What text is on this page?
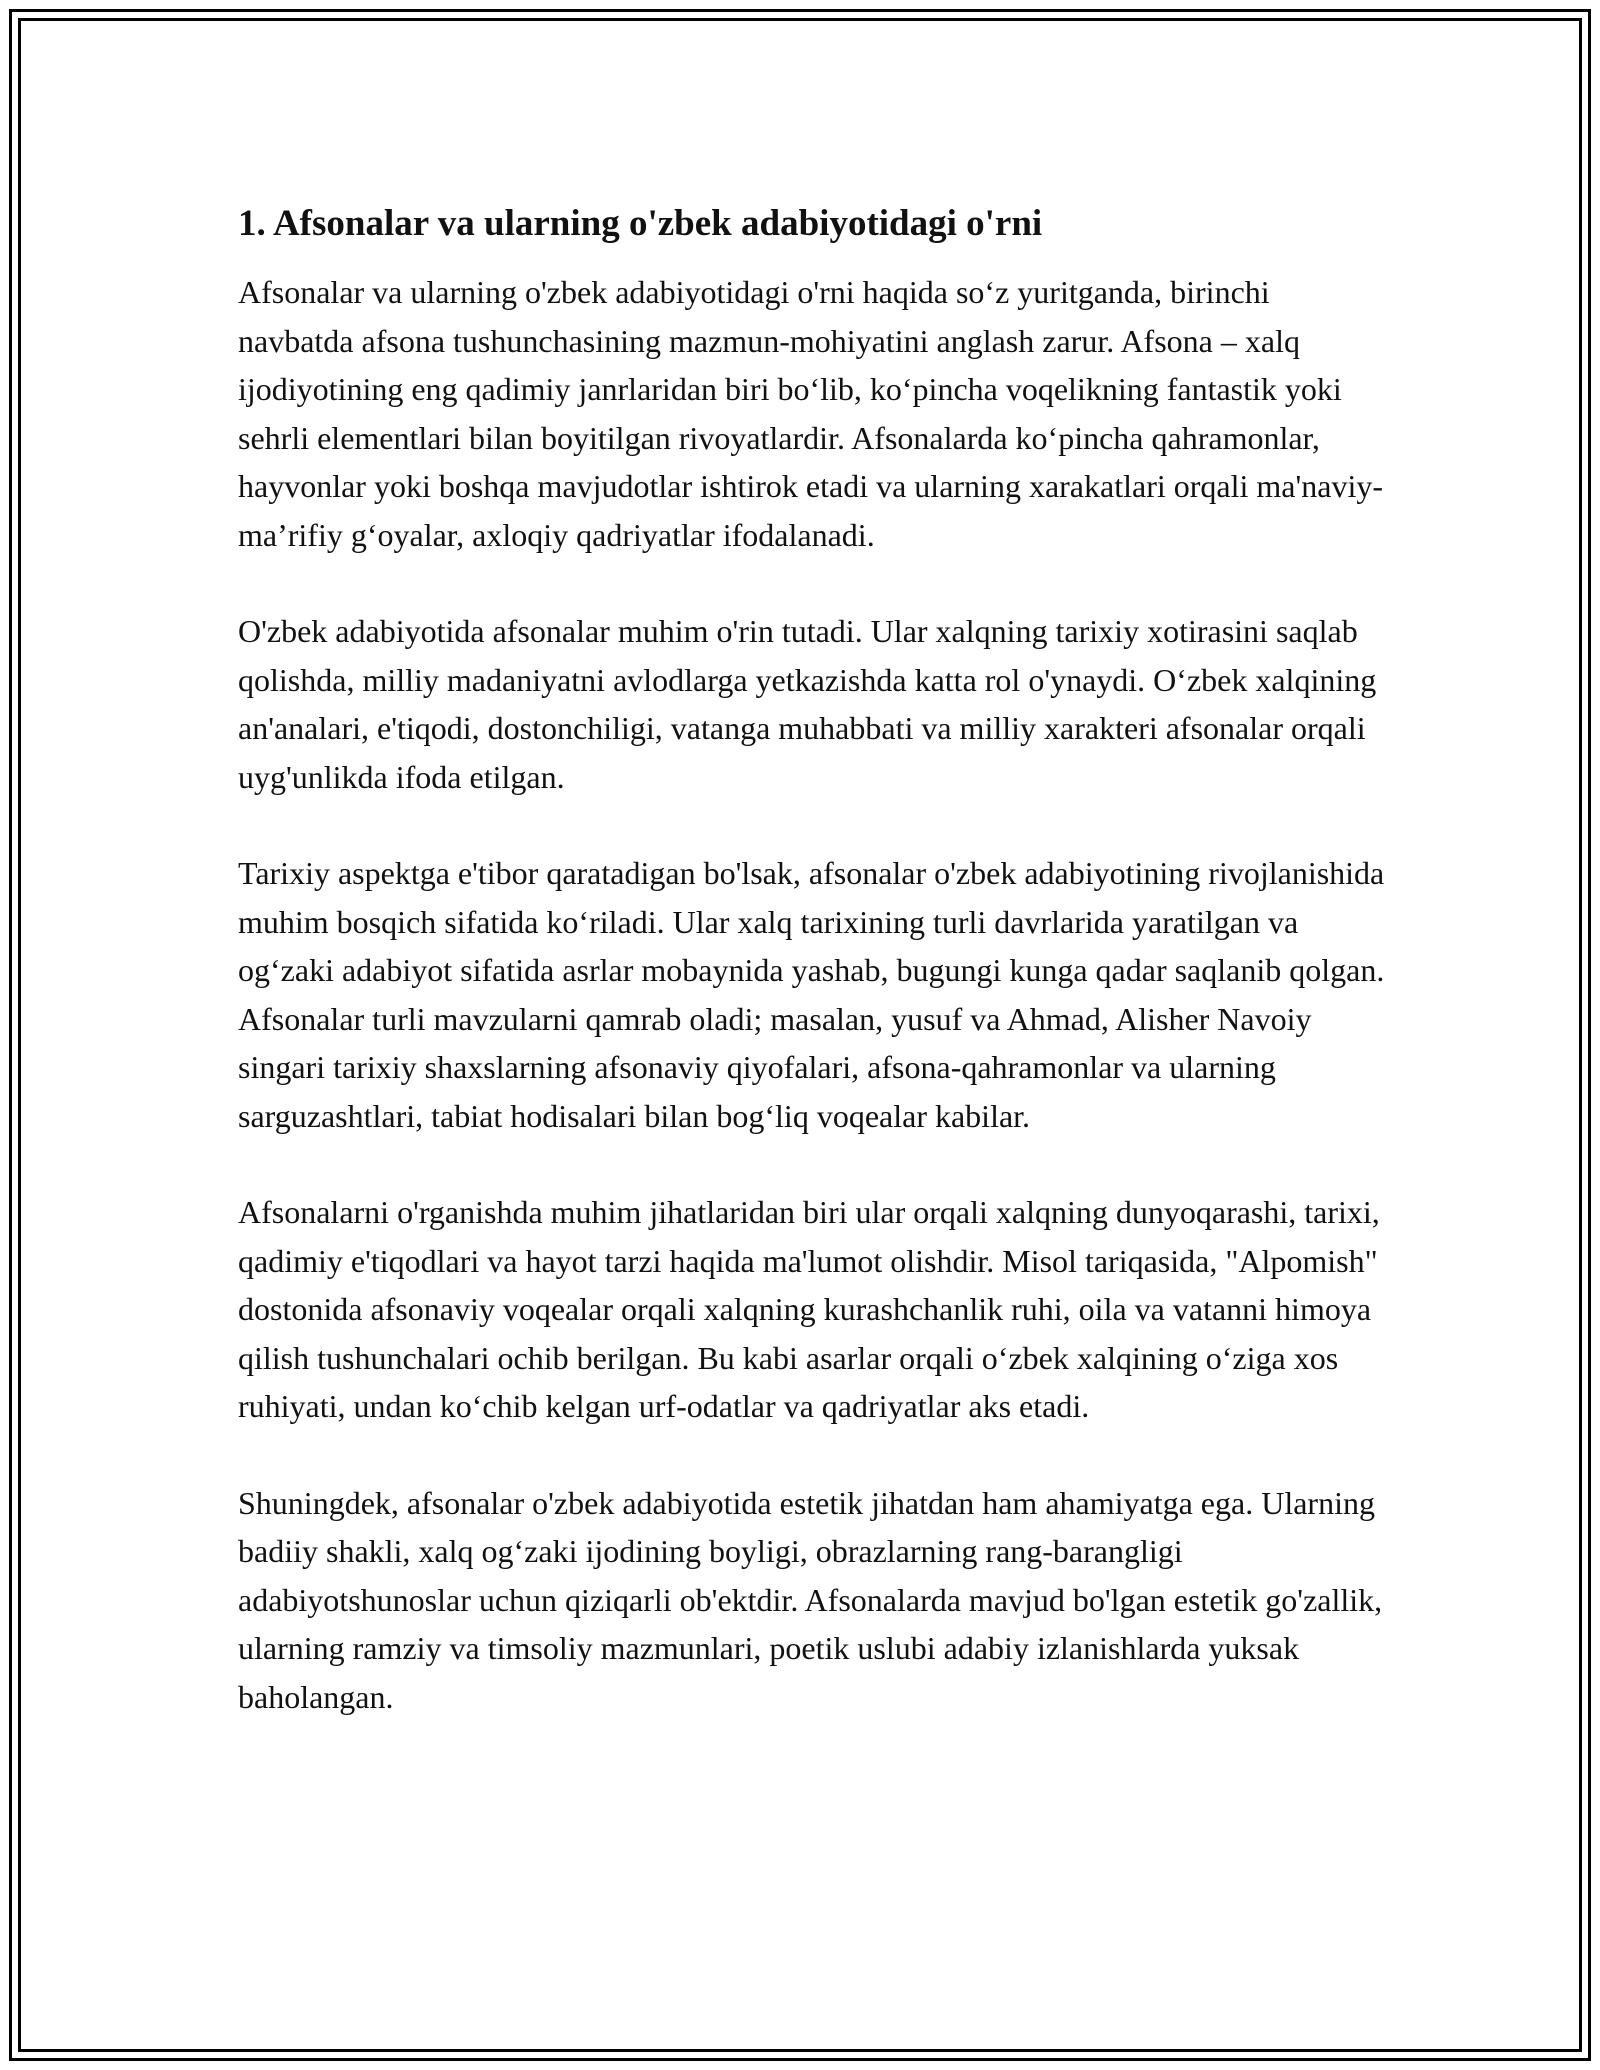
1. Afsonalar va ularning o'zbek adabiyotidagi o'rni

Afsonalar va ularning o'zbek adabiyotidagi o'rni haqida so‘z yuritganda, birinchi navbatda afsona tushunchasining mazmun-mohiyatini anglash zarur. Afsona – xalq ijodiyotining eng qadimiy janrlaridan biri bo‘lib, ko‘pincha voqelikning fantastik yoki sehrli elementlari bilan boyitilgan rivoyatlardir. Afsonalarda ko‘pincha qahramonlar, hayvonlar yoki boshqa mavjudotlar ishtirok etadi va ularning xarakatlari orqali ma'naviy-ma’rifiy g‘oyalar, axloqiy qadriyatlar ifodalanadi.

O'zbek adabiyotida afsonalar muhim o'rin tutadi. Ular xalqning tarixiy xotirasini saqlab qolishda, milliy madaniyatni avlodlarga yetkazishda katta rol o'ynaydi. O‘zbek xalqining an'analari, e'tiqodi, dostonchiligi, vatanga muhabbati va milliy xarakteri afsonalar orqali uyg'unlikda ifoda etilgan.

Tarixiy aspektga e'tibor qaratadigan bo'lsak, afsonalar o'zbek adabiyotining rivojlanishida muhim bosqich sifatida ko‘riladi. Ular xalq tarixining turli davrlarida yaratilgan va og‘zaki adabiyot sifatida asrlar mobaynida yashab, bugungi kunga qadar saqlanib qolgan. Afsonalar turli mavzularni qamrab oladi; masalan, yusuf va Ahmad, Alisher Navoiy singari tarixiy shaxslarning afsonaviy qiyofalari, afsona-qahramonlar va ularning sarguzashtlari, tabiat hodisalari bilan bog‘liq voqealar kabilar.

Afsonalarni o'rganishda muhim jihatlaridan biri ular orqali xalqning dunyoqarashi, tarixi, qadimiy e'tiqodlari va hayot tarzi haqida ma'lumot olishdir. Misol tariqasida, "Alpomish" dostonida afsonaviy voqealar orqali xalqning kurashchanlik ruhi, oila va vatanni himoya qilish tushunchalari ochib berilgan. Bu kabi asarlar orqali o‘zbek xalqining o‘ziga xos ruhiyati, undan ko‘chib kelgan urf-odatlar va qadriyatlar aks etadi.

Shuningdek, afsonalar o'zbek adabiyotida estetik jihatdan ham ahamiyatga ega. Ularning badiiy shakli, xalq og‘zaki ijodining boyligi, obrazlarning rang-barangligi adabiyotshunoslar uchun qiziqarli ob'ektdir. Afsonalarda mavjud bo'lgan estetik go'zallik, ularning ramziy va timsoliy mazmunlari, poetik uslubi adabiy izlanishlarda yuksak baholangan.
